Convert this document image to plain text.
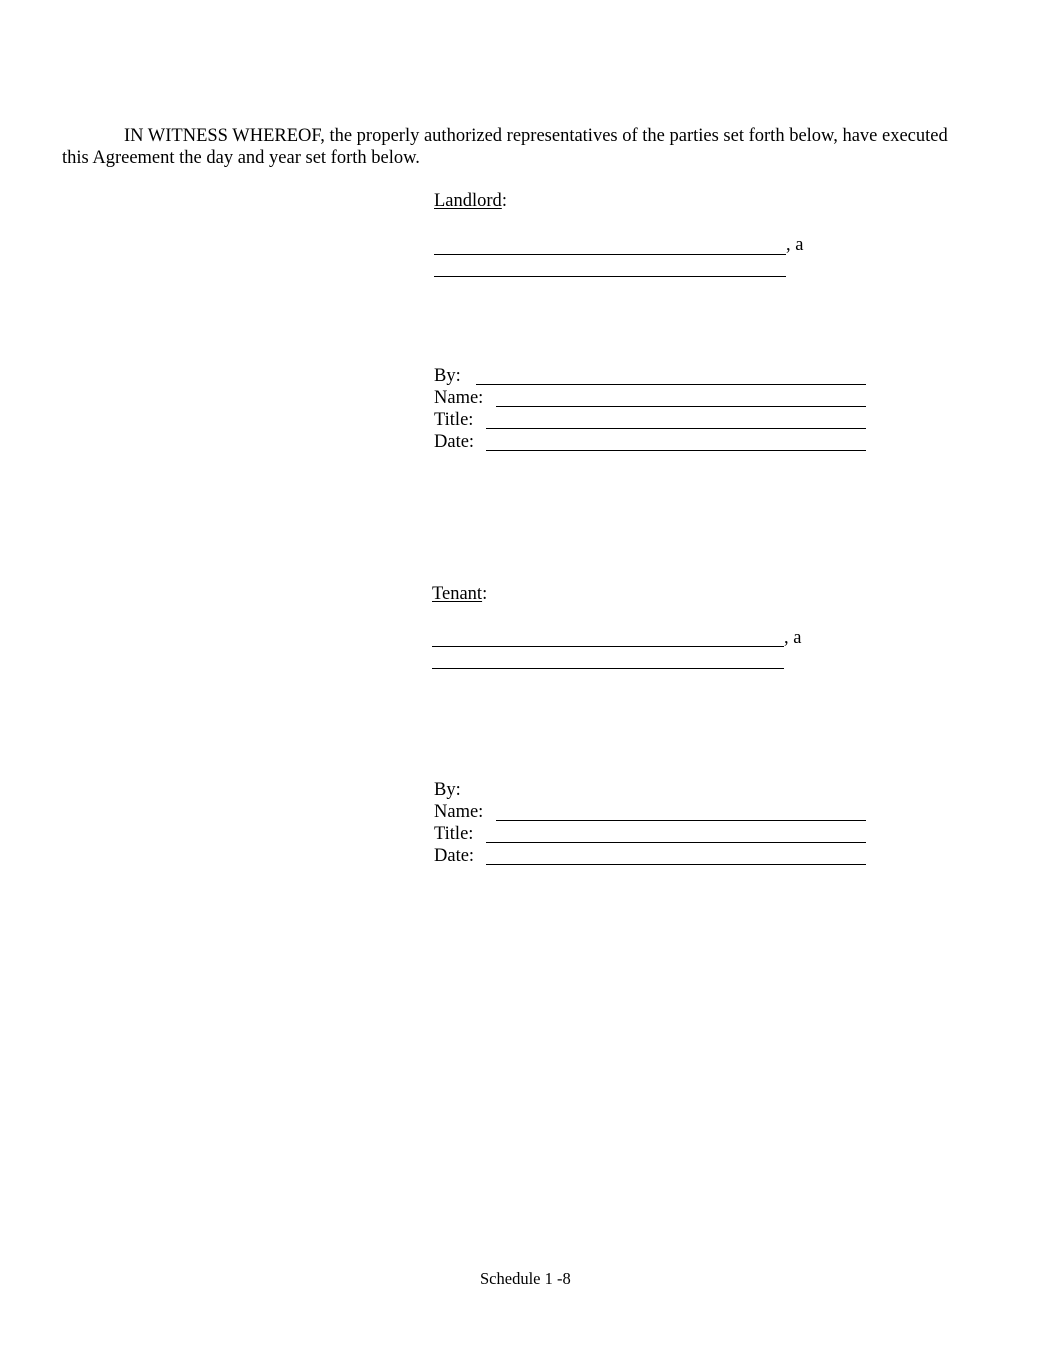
IN WITNESS WHEREOF, the properly authorized representatives of the parties set forth below, have executed
this Agreement the day and year set forth below.
Landlord:
, a
By:
Name:
Title:
Date:
Tenant:
, a
By:
Name:
Title:
Date:
Schedule 1 -8
